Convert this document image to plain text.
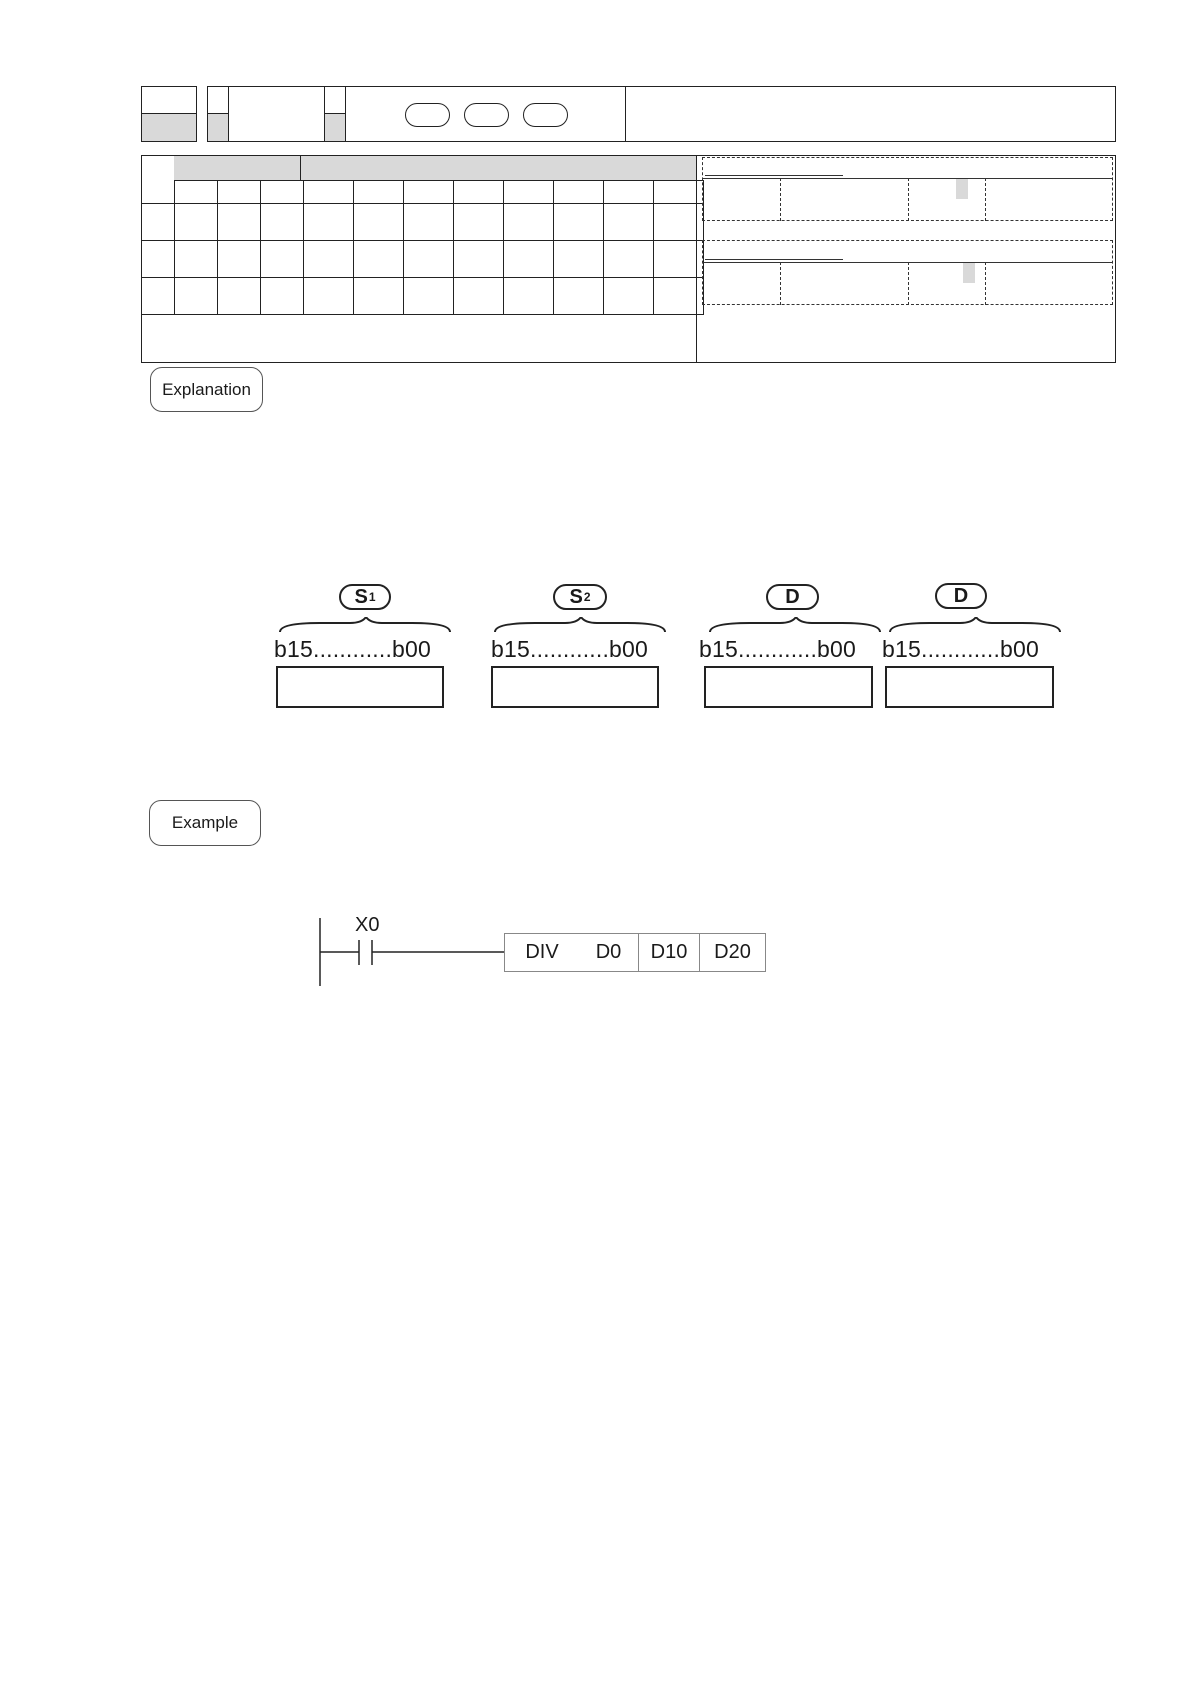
Explanation
S 1	S 2	D	D
b15............b00	b15............b00 b15............b00 b15............b00
Example
X0
DIV	D0	D10	D20
